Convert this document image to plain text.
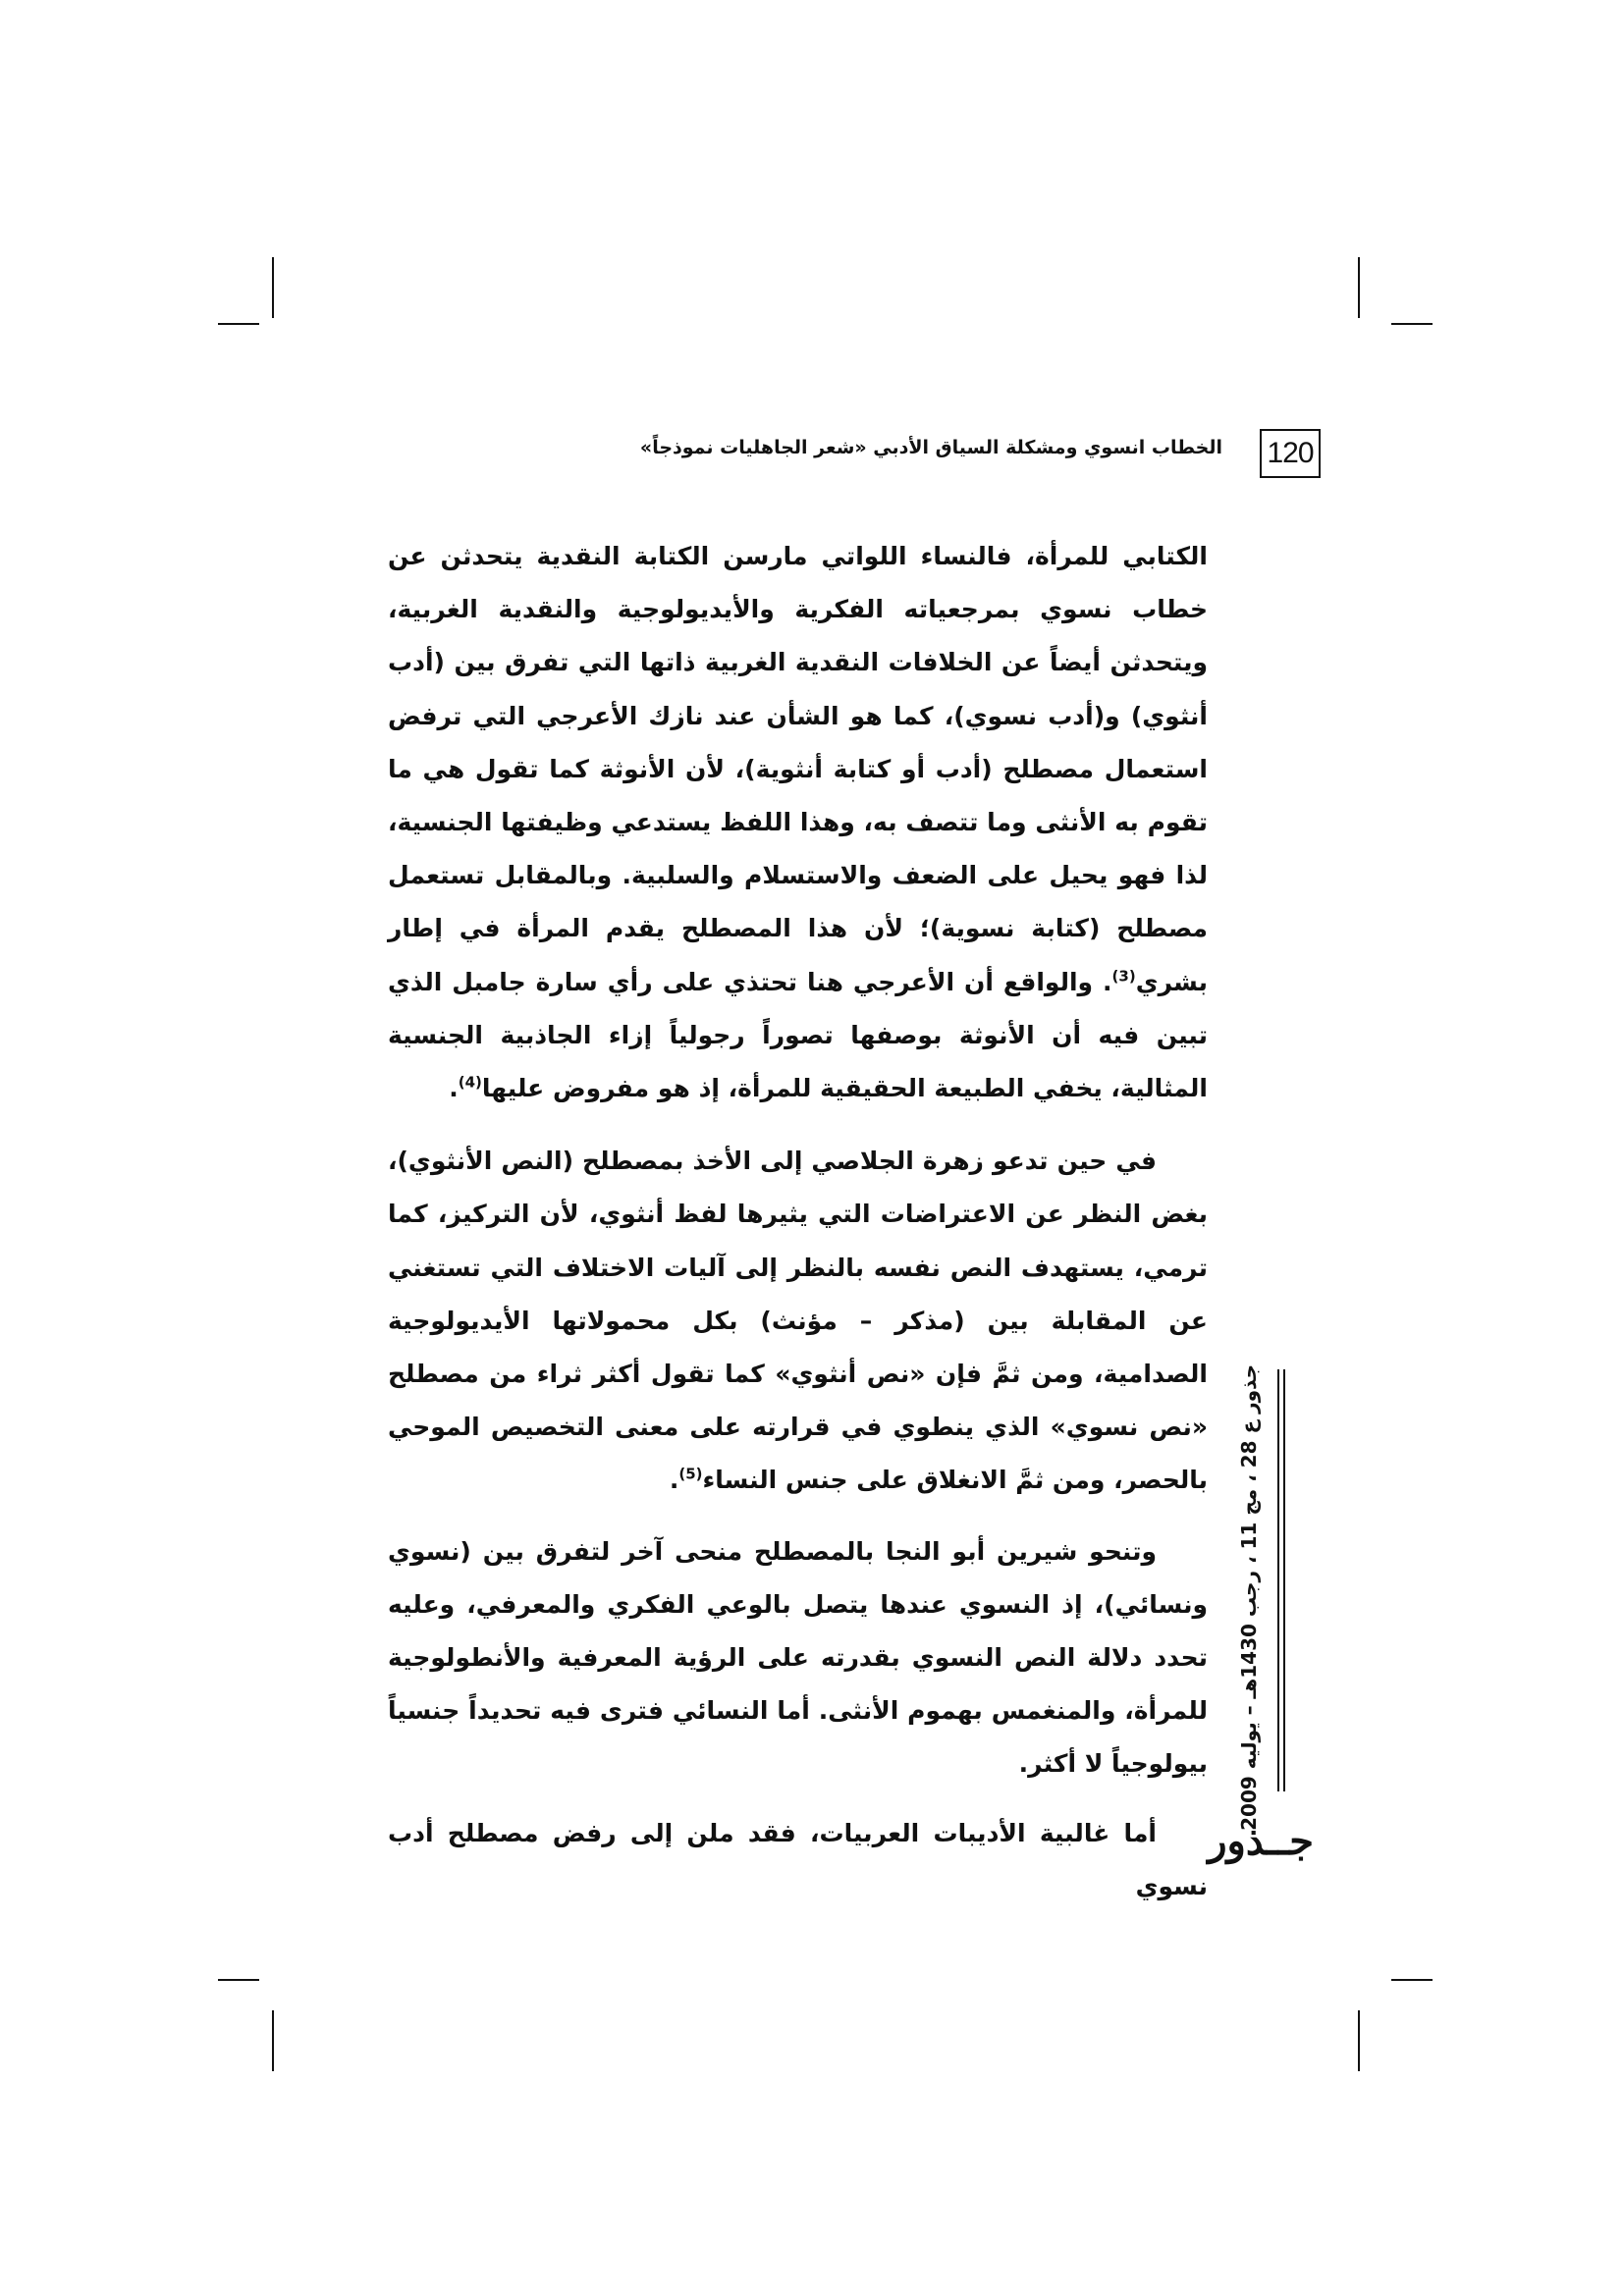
120
الخطاب انسوي ومشكلة السياق الأدبي «شعر الجاهليات نموذجاً»

الكتابي للمرأة، فالنساء اللواتي مارسن الكتابة النقدية يتحدثن عن خطاب نسوي بمرجعياته الفكرية والأيديولوجية والنقدية الغربية، ويتحدثن أيضاً عن الخلافات النقدية الغربية ذاتها التي تفرق بين (أدب أنثوي) و(أدب نسوي)، كما هو الشأن عند نازك الأعرجي التي ترفض استعمال مصطلح (أدب أو كتابة أنثوية)، لأن الأنوثة كما تقول هي ما تقوم به الأنثى وما تتصف به، وهذا اللفظ يستدعي وظيفتها الجنسية، لذا فهو يحيل على الضعف والاستسلام والسلبية. وبالمقابل تستعمل مصطلح (كتابة نسوية)؛ لأن هذا المصطلح يقدم المرأة في إطار بشري$^{(3)}$. والواقع أن الأعرجي هنا تحتذي على رأي سارة جامبل الذي تبين فيه أن الأنوثة بوصفها تصوراً رجولياً إزاء الجاذبية الجنسية المثالية، يخفي الطبيعة الحقيقية للمرأة، إذ هو مفروض عليها$^{(4)}$.

في حين تدعو زهرة الجلاصي إلى الأخذ بمصطلح (النص الأنثوي)، بغض النظر عن الاعتراضات التي يثيرها لفظ أنثوي، لأن التركيز، كما ترمي، يستهدف النص نفسه بالنظر إلى آليات الاختلاف التي تستغني عن المقابلة بين (مذكر – مؤنث) بكل محمولاتها الأيديولوجية الصدامية، ومن ثمَّ فإن «نص أنثوي» كما تقول أكثر ثراء من مصطلح «نص نسوي» الذي ينطوي في قرارته على معنى التخصيص الموحي بالحصر، ومن ثمَّ الانغلاق على جنس النساء$^{(5)}$.

وتنحو شيرين أبو النجا بالمصطلح منحى آخر لتفرق بين (نسوي ونسائي)، إذ النسوي عندها يتصل بالوعي الفكري والمعرفي، وعليه تحدد دلالة النص النسوي بقدرته على الرؤية المعرفية والأنطولوجية للمرأة، والمنغمس بهموم الأنثى. أما النسائي فترى فيه تحديداً جنسياً بيولوجياً لا أكثر.

أما غالبية الأديبات العربيات، فقد ملن إلى رفض مصطلح أدب نسوي

جذور ع 28 ، مج 11 ، رجب 1430هـ – يوليه 2009
جــذور
